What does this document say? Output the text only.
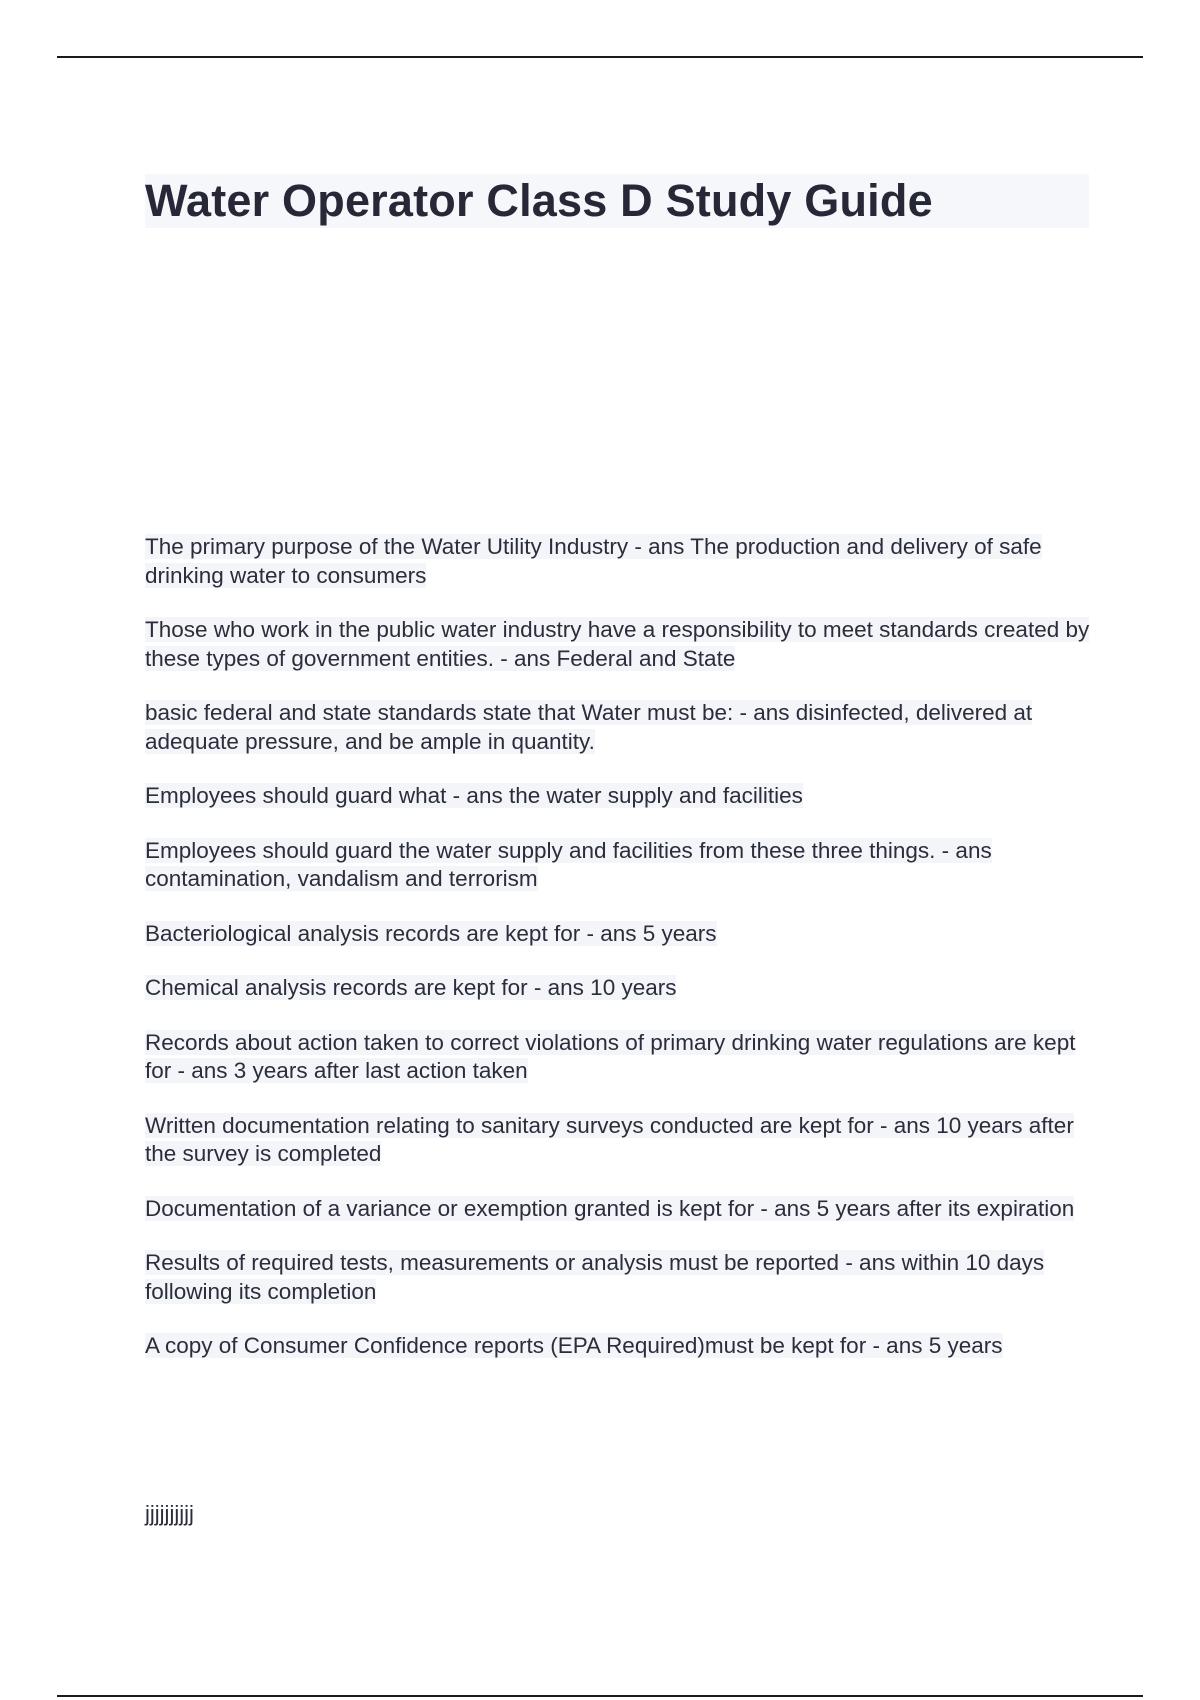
Water Operator Class D Study Guide

The primary purpose of the Water Utility Industry - ans The production and delivery of safe drinking water to consumers

Those who work in the public water industry have a responsibility to meet standards created by these types of government entities. - ans Federal and State

basic federal and state standards state that Water must be: - ans disinfected, delivered at adequate pressure, and be ample in quantity.

Employees should guard what - ans the water supply and facilities

Employees should guard the water supply and facilities from these three things. - ans contamination, vandalism and terrorism

Bacteriological analysis records are kept for - ans 5 years

Chemical analysis records are kept for - ans 10 years

Records about action taken to correct violations of primary drinking water regulations are kept for - ans 3 years after last action taken

Written documentation relating to sanitary surveys conducted are kept for - ans 10 years after the survey is completed

Documentation of a variance or exemption granted is kept for - ans 5 years after its expiration

Results of required tests, measurements or analysis must be reported - ans within 10 days following its completion

A copy of Consumer Confidence reports (EPA Required)must be kept for - ans 5 years

jjjjjjjjjj
